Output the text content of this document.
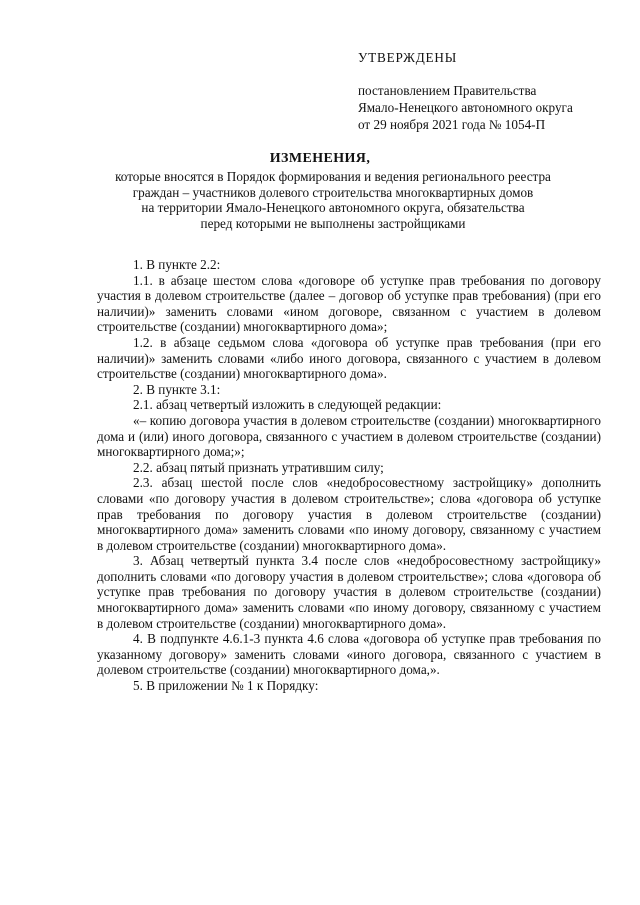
УТВЕРЖДЕНЫ
постановлением Правительства
Ямало-Ненецкого автономного округа
от 29 ноября 2021 года № 1054-П
ИЗМЕНЕНИЯ,
которые вносятся в Порядок формирования и ведения регионального реестра
граждан – участников долевого строительства многоквартирных домов
на территории Ямало-Ненецкого автономного округа, обязательства
перед которыми не выполнены застройщиками

1. В пункте 2.2:

1.1. в абзаце шестом слова «договоре об уступке прав требования по договору участия в долевом строительстве (далее – договор об уступке прав требования) (при его наличии)» заменить словами «ином договоре, связанном с участием в долевом строительстве (создании) многоквартирного дома»;

1.2. в абзаце седьмом слова «договора об уступке прав требования (при его наличии)» заменить словами «либо иного договора, связанного с участием в долевом строительстве (создании) многоквартирного дома».

2. В пункте 3.1:

2.1. абзац четвертый изложить в следующей редакции:

«– копию договора участия в долевом строительстве (создании) многоквартирного дома и (или) иного договора, связанного с участием в долевом строительстве (создании) многоквартирного дома;»;

2.2. абзац пятый признать утратившим силу;

2.3. абзац шестой после слов «недобросовестному застройщику» дополнить словами «по договору участия в долевом строительстве»; слова «договора об уступке прав требования по договору участия в долевом строительстве (создании) многоквартирного дома» заменить словами «по иному договору, связанному с участием в долевом строительстве (создании) многоквартирного дома».

3. Абзац четвертый пункта 3.4 после слов «недобросовестному застройщику» дополнить словами «по договору участия в долевом строительстве»; слова «договора об уступке прав требования по договору участия в долевом строительстве (создании) многоквартирного дома» заменить словами «по иному договору, связанному с участием в долевом строительстве (создании) многоквартирного дома».

4. В подпункте 4.6.1-3 пункта 4.6 слова «договора об уступке прав требования по указанному договору» заменить словами «иного договора, связанного с участием в долевом строительстве (создании) многоквартирного дома,».

5. В приложении № 1 к Порядку:
